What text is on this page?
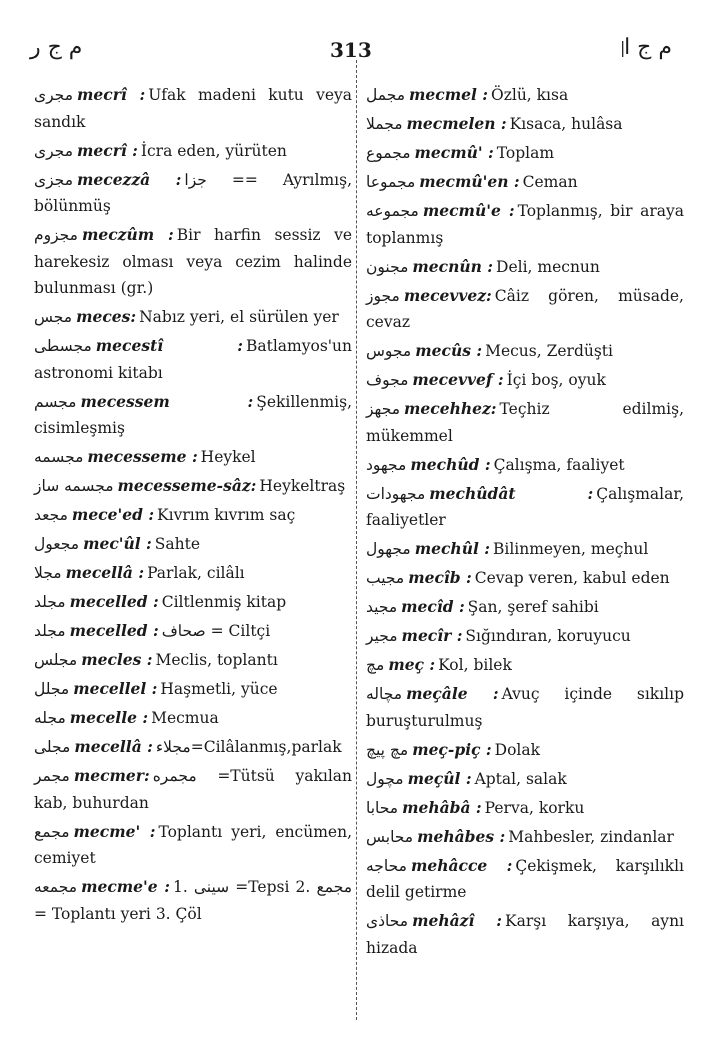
م ج ر	313	|
م ج ا
مجری mecrî : Ufak madeni kutu veya sandık
مجری mecrî : İcra eden, yürüten
مجزی mecezzâ : جزا == Ayrılmış, bölünmüş
مجزوم meczûm : Bir harfin sessiz ve harekesiz olması veya cezim halinde bulunması (gr.)
مجس meces: Nabız yeri, el sürülen yer
مجسطی mecestî : Batlamyos'un astronomi kitabı
مجسم mecessem : Şekillenmiş, cisimleşmiş
مجسمه mecesseme : Heykel
مجسمه ساز mecesseme-sâz: Heykeltraş
مجعد mece'ed : Kıvrım kıvrım saç
مجعول mec'ûl : Sahte
مجلا mecellâ : Parlak, cilâlı
مجلد mecelled : Ciltlenmiş kitap
مجلد mecelled : صحاف = Ciltçi
مجلس mecles : Meclis, toplantı
مجلل mecellel : Haşmetli, yüce
مجله mecelle : Mecmua
مجلی mecellâ : مجلاء=Cilâlanmış,parlak
مجمر mecmer: مجمره =Tütsü yakılan kab, buhurdan
مجمع mecme' : Toplantı yeri, encümen, cemiyet
مجمعه mecme'e : 1. سینی =Tepsi 2. مجمع = Toplantı yeri 3. Çöl
مجمل mecmel : Özlü, kısa
مجملا mecmelen : Kısaca, hulâsa
مجموع mecmû' : Toplam
مجموعا mecmû'en : Ceman
مجموعه mecmû'e : Toplanmış, bir araya toplanmış
مجنون mecnûn : Deli, mecnun
مجوز mecevvez: Câiz gören, müsade, cevaz
مجوس mecûs : Mecus, Zerdüşti
مجوف mecevvef : İçi boş, oyuk
مجهز mecehhez: Teçhiz edilmiş, mükemmel
مجهود mechûd : Çalışma, faaliyet
مجهودات mechûdât : Çalışmalar, faaliyetler
مجهول mechûl : Bilinmeyen, meçhul
مجیب mecîb : Cevap veren, kabul eden
مجید mecîd : Şan, şeref sahibi
مجیر mecîr : Sığındıran, koruyucu
مچ meç : Kol, bilek
مچاله meçâle : Avuç içinde sıkılıp buruşturulmuş
مچ پیچ meç-piç : Dolak
مچول meçûl : Aptal, salak
محابا mehâbâ : Perva, korku
محابس mehâbes : Mahbesler, zindanlar
محاجه mehâcce : Çekişmek, karşılıklı delil getirme
محاذی mehâzî : Karşı karşıya, aynı hizada
